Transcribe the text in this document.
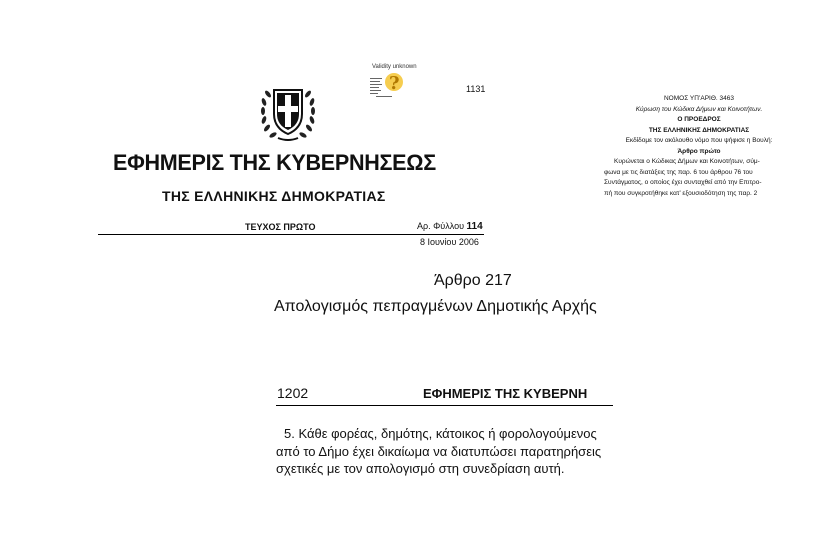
?
Validity unknown
1131
ΕΦΗΜΕΡΙΣ ΤΗΣ ΚΥΒΕΡΝΗΣΕΩΣ
ΤΗΣ ΕΛΛΗΝΙΚΗΣ ΔΗΜΟΚΡΑΤΙΑΣ
ΤΕΥΧΟΣ ΠΡΩΤΟ	Αρ. Φύλλου 114
8 Ιουνίου 2006
ΝΟΜΟΣ ΥΠ’ΑΡΙΘ. 3463
Κύρωση του Κώδικα Δήμων και Κοινοτήτων.
Ο ΠΡΟΕΔΡΟΣ
ΤΗΣ ΕΛΛΗΝΙΚΗΣ ΔΗΜΟΚΡΑΤΙΑΣ
Εκδίδομε τον ακόλουθο νόμο που ψήφισε η Βουλή:
Άρθρο πρώτο
Κυρώνεται ο Κώδικας Δήμων και Κοινοτήτων, σύμ-
φωνα με τις διατάξεις της παρ. 6 του άρθρου 76 του
Συντάγματος, ο οποίος έχει συνταχθεί από την Επιτρο-
πή που συγκροτήθηκε κατ’ εξουσιοδότηση της παρ. 2
Άρθρο 217
Απολογισμός πεπραγμένων Δημοτικής Αρχής
1202	ΕΦΗΜΕΡΙΣ ΤΗΣ ΚΥΒΕΡΝΗ
5. Κάθε φορέας, δημότης, κάτοικος ή φορολογούμενος
από το Δήμο έχει δικαίωμα να διατυπώσει παρατηρήσεις
σχετικές με τον απολογισμό στη συνεδρίαση αυτή.
